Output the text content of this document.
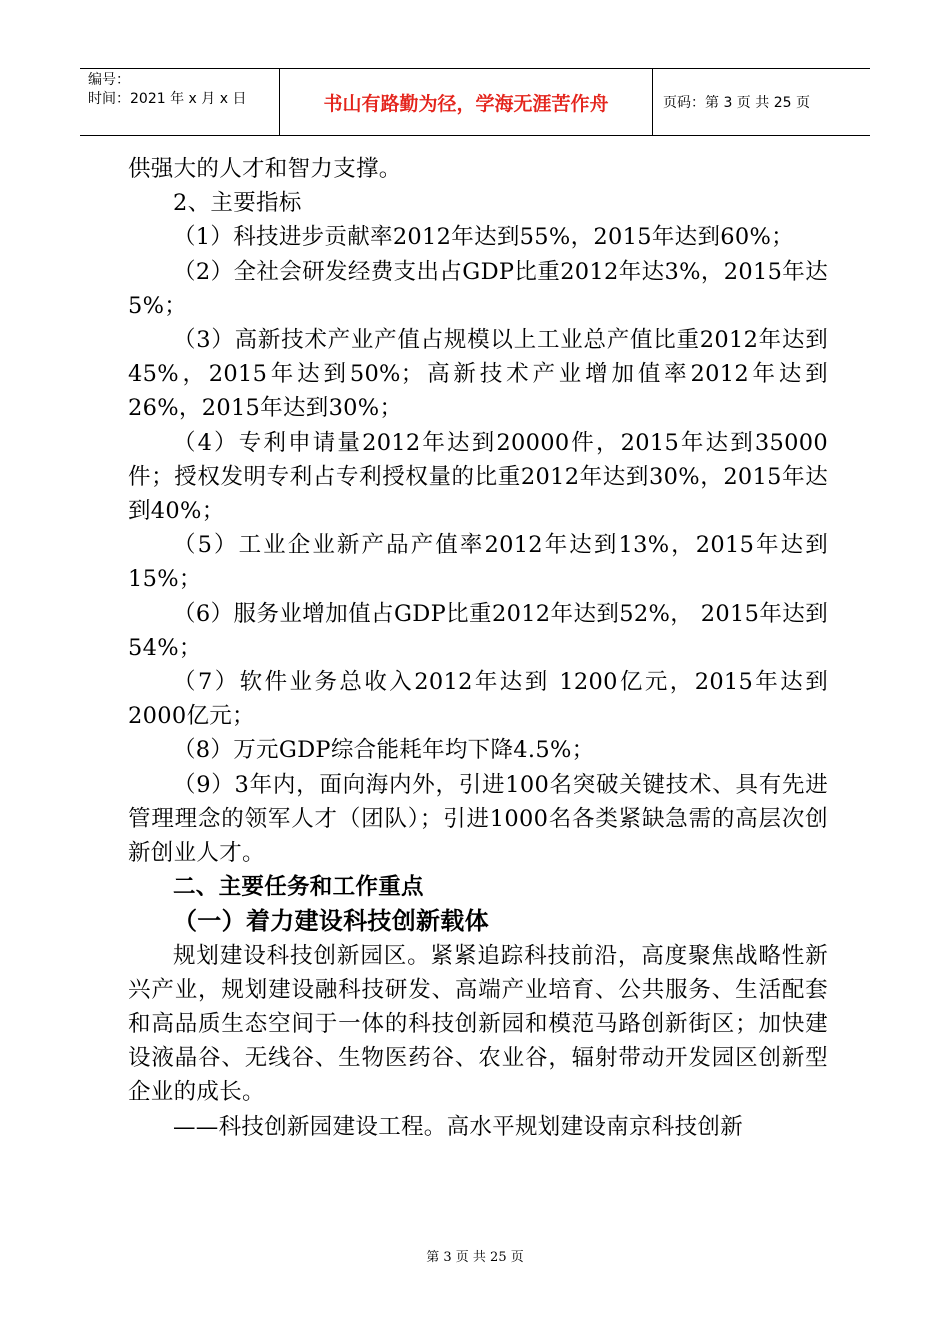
编号：
时间：2021 年 x 月 x 日	书山有路勤为径，学海无涯苦作舟	页码：第 3 页 共 25 页

供强大的人才和智力支撑。

2、主要指标

（1）科技进步贡献率2012年达到55%，2015年达到60%；

（2）全社会研发经费支出占GDP比重2012年达3%，2015年达5%；

（3）高新技术产业产值占规模以上工业总产值比重2012年达到45%，2015年达到50%；高新技术产业增加值率2012年达到26%，2015年达到30%；

（4）专利申请量2012年达到20000件，2015年达到35000件；授权发明专利占专利授权量的比重2012年达到30%，2015年达到40%；

（5）工业企业新产品产值率2012年达到13%，2015年达到15%；

（6）服务业增加值占GDP比重2012年达到52%， 2015年达到54%；

（7）软件业务总收入2012年达到 1200亿元，2015年达到2000亿元；

（8）万元GDP综合能耗年均下降4.5%；

（9）3年内，面向海内外，引进100名突破关键技术、具有先进管理理念的领军人才（团队）；引进1000名各类紧缺急需的高层次创新创业人才。

二、主要任务和工作重点

（一）着力建设科技创新载体

规划建设科技创新园区。紧紧追踪科技前沿，高度聚焦战略性新兴产业，规划建设融科技研发、高端产业培育、公共服务、生活配套和高品质生态空间于一体的科技创新园和模范马路创新街区；加快建设液晶谷、无线谷、生物医药谷、农业谷，辐射带动开发园区创新型企业的成长。

——科技创新园建设工程。高水平规划建设南京科技创新

第 3 页 共 25 页
